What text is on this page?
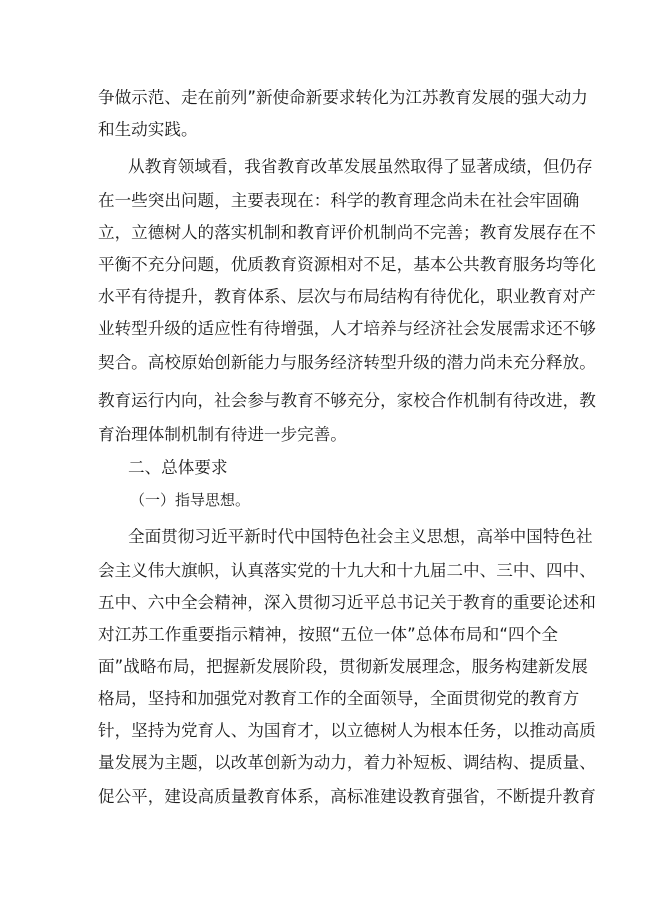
争做示范、走在前列”新使命新要求转化为江苏教育发展的强大动力
和生动实践。
从教育领域看，我省教育改革发展虽然取得了显著成绩，但仍存
在一些突出问题，主要表现在：科学的教育理念尚未在社会牢固确
立，立德树人的落实机制和教育评价机制尚不完善；教育发展存在不
平衡不充分问题，优质教育资源相对不足，基本公共教育服务均等化
水平有待提升，教育体系、层次与布局结构有待优化，职业教育对产
业转型升级的适应性有待增强，人才培养与经济社会发展需求还不够
契合。高校原始创新能力与服务经济转型升级的潜力尚未充分释放。
教育运行内向，社会参与教育不够充分，家校合作机制有待改进，教
育治理体制机制有待进一步完善。
二、总体要求
（一）指导思想。
全面贯彻习近平新时代中国特色社会主义思想，高举中国特色社
会主义伟大旗帜，认真落实党的十九大和十九届二中、三中、四中、
五中、六中全会精神，深入贯彻习近平总书记关于教育的重要论述和
对江苏工作重要指示精神，按照“五位一体”总体布局和“四个全
面”战略布局，把握新发展阶段，贯彻新发展理念，服务构建新发展
格局，坚持和加强党对教育工作的全面领导，全面贯彻党的教育方
针，坚持为党育人、为国育才，以立德树人为根本任务，以推动高质
量发展为主题，以改革创新为动力，着力补短板、调结构、提质量、
促公平，建设高质量教育体系，高标准建设教育强省，不断提升教育
